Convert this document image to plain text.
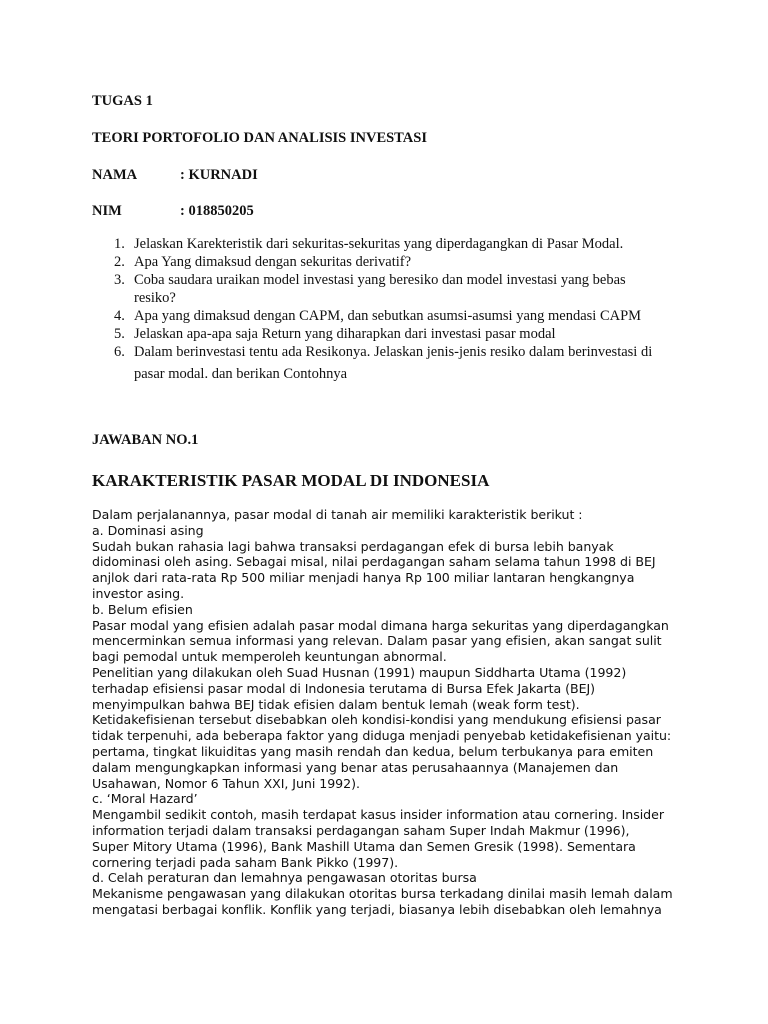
TUGAS 1
TEORI PORTOFOLIO DAN ANALISIS INVESTASI
NAMA	: KURNADI
NIM	: 018850205
1. Jelaskan Karekteristik dari sekuritas-sekuritas yang diperdagangkan di Pasar Modal.
2. Apa Yang dimaksud dengan sekuritas derivatif?
3. Coba saudara uraikan model investasi yang beresiko dan model investasi yang bebas
resiko?
4. Apa yang dimaksud dengan CAPM, dan sebutkan asumsi-asumsi yang mendasi CAPM
5. Jelaskan apa-apa saja Return yang diharapkan dari investasi pasar modal
6. Dalam berinvestasi tentu ada Resikonya. Jelaskan jenis-jenis resiko dalam berinvestasi di
pasar modal. dan berikan Contohnya
JAWABAN NO.1
KARAKTERISTIK PASAR MODAL DI INDONESIA
Dalam perjalanannya, pasar modal di tanah air memiliki karakteristik berikut :
a. Dominasi asing
Sudah bukan rahasia lagi bahwa transaksi perdagangan efek di bursa lebih banyak
didominasi oleh asing. Sebagai misal, nilai perdagangan saham selama tahun 1998 di BEJ
anjlok dari rata-rata Rp 500 miliar menjadi hanya Rp 100 miliar lantaran hengkangnya
investor asing.
b. Belum efisien
Pasar modal yang efisien adalah pasar modal dimana harga sekuritas yang diperdagangkan
mencerminkan semua informasi yang relevan. Dalam pasar yang efisien, akan sangat sulit
bagi pemodal untuk memperoleh keuntungan abnormal.
Penelitian yang dilakukan oleh Suad Husnan (1991) maupun Siddharta Utama (1992)
terhadap efisiensi pasar modal di Indonesia terutama di Bursa Efek Jakarta (BEJ)
menyimpulkan bahwa BEJ tidak efisien dalam bentuk lemah (weak form test).
Ketidakefisienan tersebut disebabkan oleh kondisi-kondisi yang mendukung efisiensi pasar
tidak terpenuhi, ada beberapa faktor yang diduga menjadi penyebab ketidakefisienan yaitu:
pertama, tingkat likuiditas yang masih rendah dan kedua, belum terbukanya para emiten
dalam mengungkapkan informasi yang benar atas perusahaannya (Manajemen dan
Usahawan, Nomor 6 Tahun XXI, Juni 1992).
c. ‘Moral Hazard’
Mengambil sedikit contoh, masih terdapat kasus insider information atau cornering. Insider
information terjadi dalam transaksi perdagangan saham Super Indah Makmur (1996),
Super Mitory Utama (1996), Bank Mashill Utama dan Semen Gresik (1998). Sementara
cornering terjadi pada saham Bank Pikko (1997).
d. Celah peraturan dan lemahnya pengawasan otoritas bursa
Mekanisme pengawasan yang dilakukan otoritas bursa terkadang dinilai masih lemah dalam
mengatasi berbagai konflik. Konflik yang terjadi, biasanya lebih disebabkan oleh lemahnya
